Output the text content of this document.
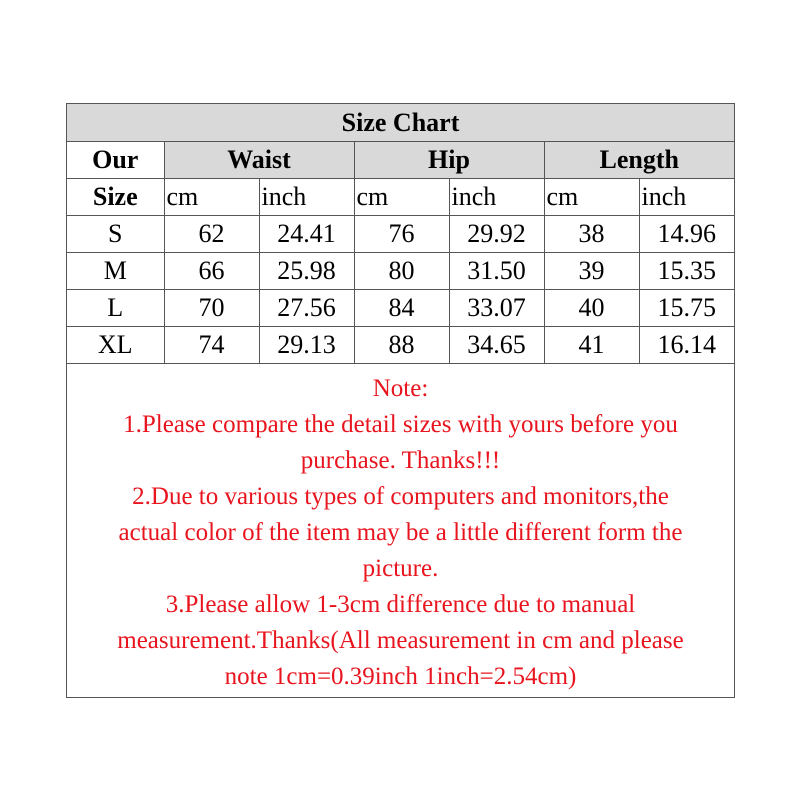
Size Chart						
Our	Waist		Hip		Length	
Size	cm	inch	cm	inch	cm	inch
S	62	24.41	76	29.92	38	14.96
M	66	25.98	80	31.50	39	15.35
L	70	27.56	84	33.07	40	15.75
XL	74	29.13	88	34.65	41	16.14
Note:
1.Please compare the detail sizes with yours before you
purchase. Thanks!!!
2.Due to various types of computers and monitors,the
actual color of the item may be a little different form the
picture.
3.Please allow 1-3cm difference due to manual
measurement.Thanks(All measurement in cm and please
note 1cm=0.39inch 1inch=2.54cm)
